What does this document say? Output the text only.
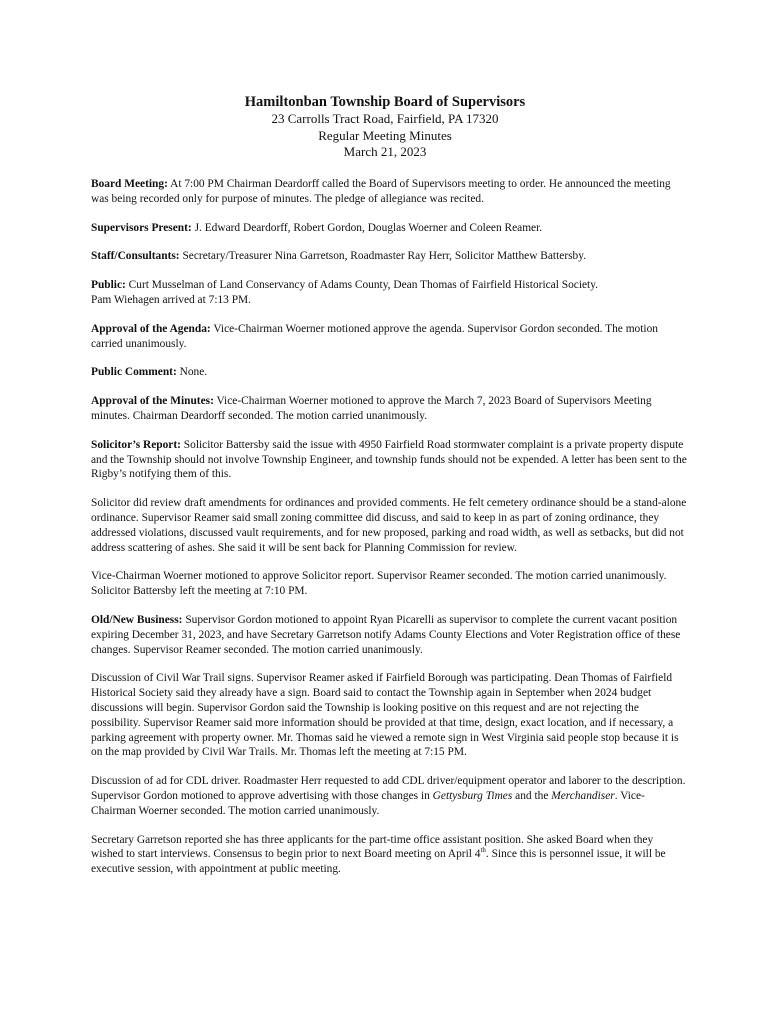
Hamiltonban Township Board of Supervisors
23 Carrolls Tract Road, Fairfield, PA 17320
Regular Meeting Minutes
March 21, 2023

Board Meeting: At 7:00 PM Chairman Deardorff called the Board of Supervisors meeting to order. He announced the meeting was being recorded only for purpose of minutes. The pledge of allegiance was recited.

Supervisors Present: J. Edward Deardorff, Robert Gordon, Douglas Woerner and Coleen Reamer.

Staff/Consultants: Secretary/Treasurer Nina Garretson, Roadmaster Ray Herr, Solicitor Matthew Battersby.

Public: Curt Musselman of Land Conservancy of Adams County, Dean Thomas of Fairfield Historical Society.
Pam Wiehagen arrived at 7:13 PM.

Approval of the Agenda: Vice-Chairman Woerner motioned approve the agenda. Supervisor Gordon seconded. The motion carried unanimously.

Public Comment: None.

Approval of the Minutes: Vice-Chairman Woerner motioned to approve the March 7, 2023 Board of Supervisors Meeting minutes. Chairman Deardorff seconded. The motion carried unanimously.

Solicitor’s Report: Solicitor Battersby said the issue with 4950 Fairfield Road stormwater complaint is a private property dispute and the Township should not involve Township Engineer, and township funds should not be expended. A letter has been sent to the Rigby’s notifying them of this.

Solicitor did review draft amendments for ordinances and provided comments. He felt cemetery ordinance should be a stand-alone ordinance. Supervisor Reamer said small zoning committee did discuss, and said to keep in as part of zoning ordinance, they addressed violations, discussed vault requirements, and for new proposed, parking and road width, as well as setbacks, but did not address scattering of ashes. She said it will be sent back for Planning Commission for review.

Vice-Chairman Woerner motioned to approve Solicitor report. Supervisor Reamer seconded. The motion carried unanimously. Solicitor Battersby left the meeting at 7:10 PM.

Old/New Business: Supervisor Gordon motioned to appoint Ryan Picarelli as supervisor to complete the current vacant position expiring December 31, 2023, and have Secretary Garretson notify Adams County Elections and Voter Registration office of these changes. Supervisor Reamer seconded. The motion carried unanimously.

Discussion of Civil War Trail signs. Supervisor Reamer asked if Fairfield Borough was participating. Dean Thomas of Fairfield Historical Society said they already have a sign. Board said to contact the Township again in September when 2024 budget discussions will begin. Supervisor Gordon said the Township is looking positive on this request and are not rejecting the possibility. Supervisor Reamer said more information should be provided at that time, design, exact location, and if necessary, a parking agreement with property owner. Mr. Thomas said he viewed a remote sign in West Virginia said people stop because it is on the map provided by Civil War Trails. Mr. Thomas left the meeting at 7:15 PM.

Discussion of ad for CDL driver. Roadmaster Herr requested to add CDL driver/equipment operator and laborer to the description. Supervisor Gordon motioned to approve advertising with those changes in Gettysburg Times and the Merchandiser. Vice-Chairman Woerner seconded. The motion carried unanimously.

Secretary Garretson reported she has three applicants for the part-time office assistant position. She asked Board when they wished to start interviews. Consensus to begin prior to next Board meeting on April 4th. Since this is personnel issue, it will be executive session, with appointment at public meeting.
